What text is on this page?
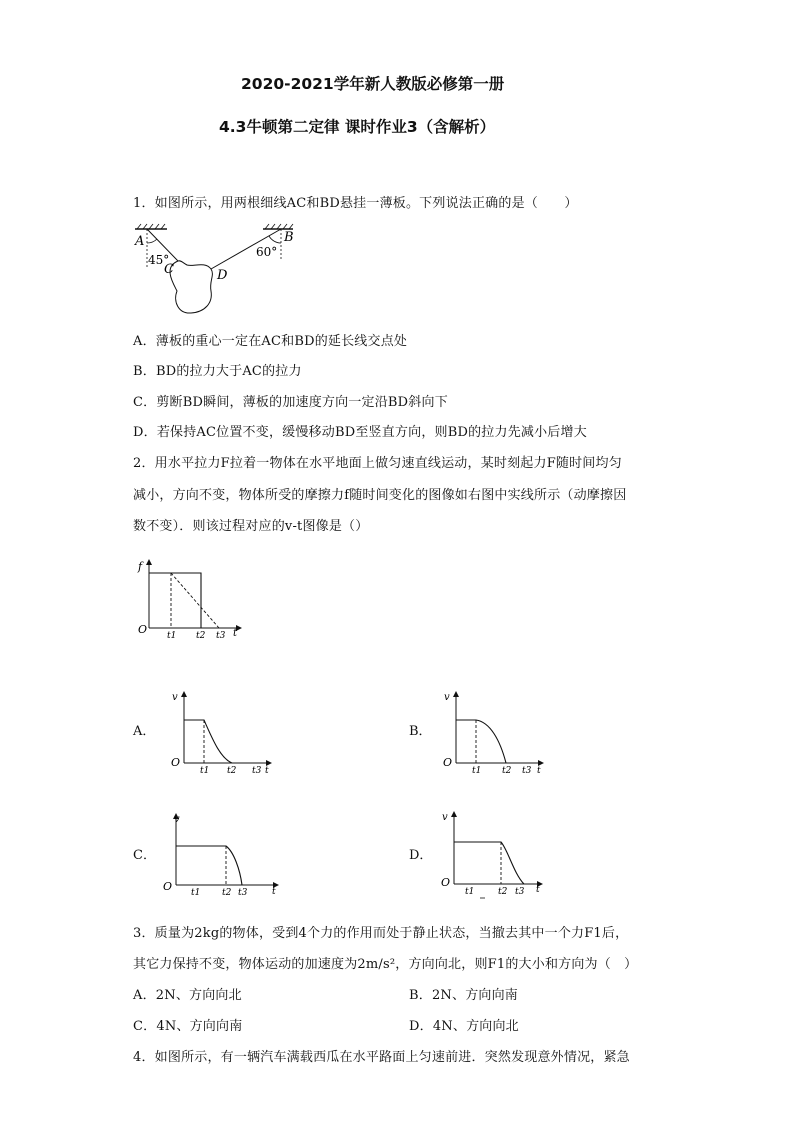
2020-2021学年新人教版必修第一册
4.3牛顿第二定律 课时作业3（含解析）
1．如图所示，用两根细线AC和BD悬挂一薄板。下列说法正确的是（　　）
A	B
C	D
45°
60°
A．薄板的重心一定在AC和BD的延长线交点处
B．BD的拉力大于AC的拉力
C．剪断BD瞬间，薄板的加速度方向一定沿BD斜向下
D．若保持AC位置不变，缓慢移动BD至竖直方向，则BD的拉力先减小后增大
2．用水平拉力F拉着一物体在水平地面上做匀速直线运动，某时刻起力F随时间均匀
减小，方向不变，物体所受的摩擦力f随时间变化的图像如右图中实线所示（动摩擦因
数不变）．则该过程对应的v-t图像是（）
f
O t1 t2 t3 t
A．
v
O
t1 t2 t3 t
B．
v
O
t1 t2 t3 t
C．
v
O t1 t2 t3	t
D．
v
O
t1	t2 t3 t
3．质量为2kg的物体，受到4个力的作用而处于静止状态，当撤去其中一个力F1后，
其它力保持不变，物体运动的加速度为2m/s²，方向向北，则F1的大小和方向为（　）
A．2N、方向向北	B．2N、方向向南
C．4N、方向向南	D．4N、方向向北
4．如图所示，有一辆汽车满载西瓜在水平路面上匀速前进．突然发现意外情况，紧急
